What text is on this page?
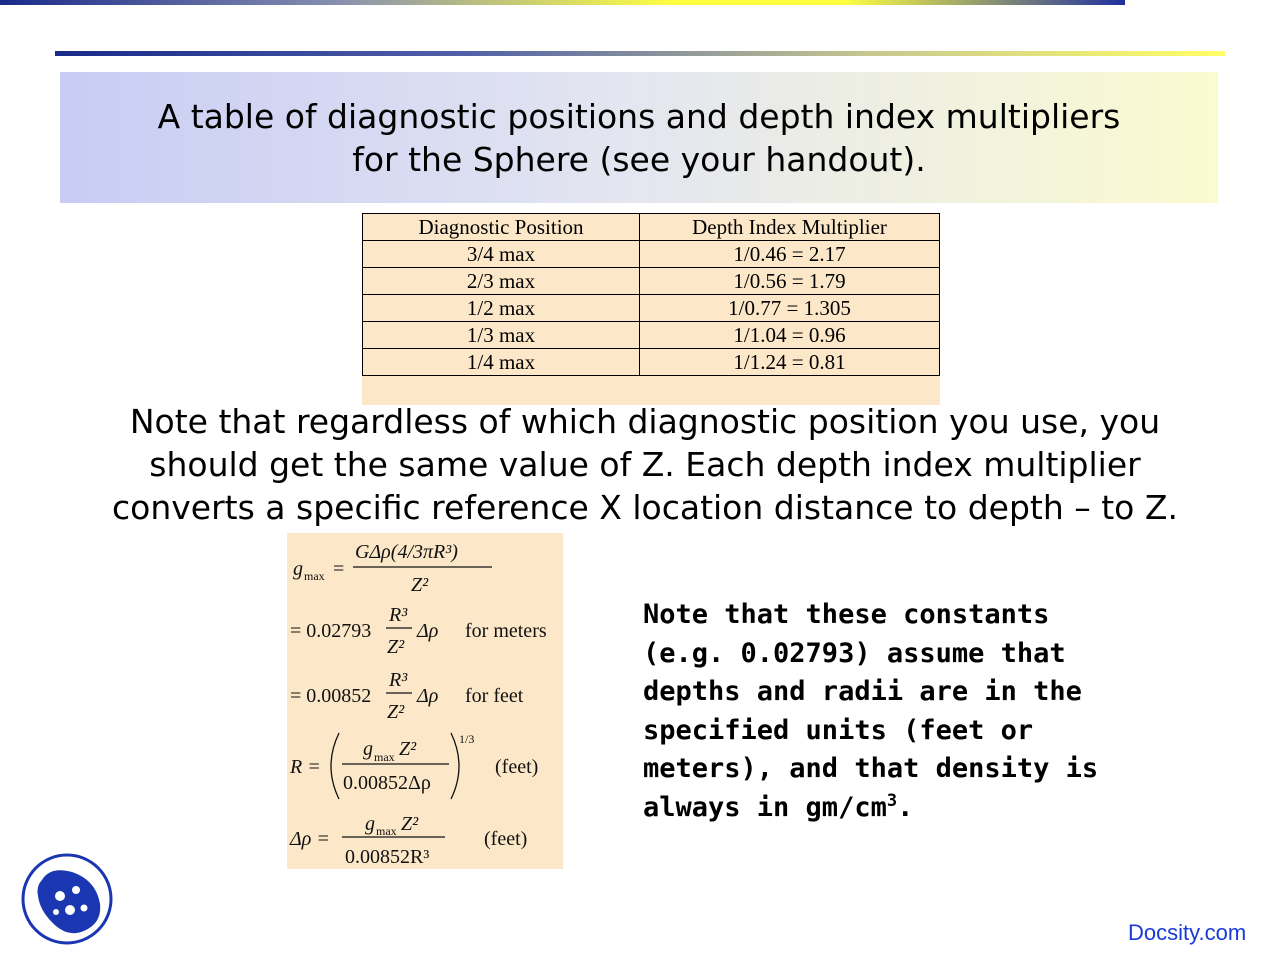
A table of diagnostic positions and depth index multipliers
for the Sphere (see your handout).
Diagnostic Position	Depth Index Multiplier
3/4 max	1/0.46 = 2.17
2/3 max	1/0.56 = 1.79
1/2 max	1/0.77 = 1.305
1/3 max	1/1.04 = 0.96
1/4 max	1/1.24 = 0.81
Note that regardless of which diagnostic position you use, you
should get the same value of Z. Each depth index multiplier
converts a specific reference X location distance to depth – to Z.
g max =
GΔρ(4/3πR³)
Z²
= 0.02793
R³
Z²
Δρ for meters
= 0.00852
R³
Z²
Δρ for feet
R =
g max Z²
0.00852Δρ
1/3
(feet)
Δρ =
g max Z²
0.00852R³
(feet)
Note that these constants
(e.g. 0.02793) assume that
depths and radii are in the
specified units (feet or
meters), and that density is
always in $gm/cm^3$.
Docsity.com
